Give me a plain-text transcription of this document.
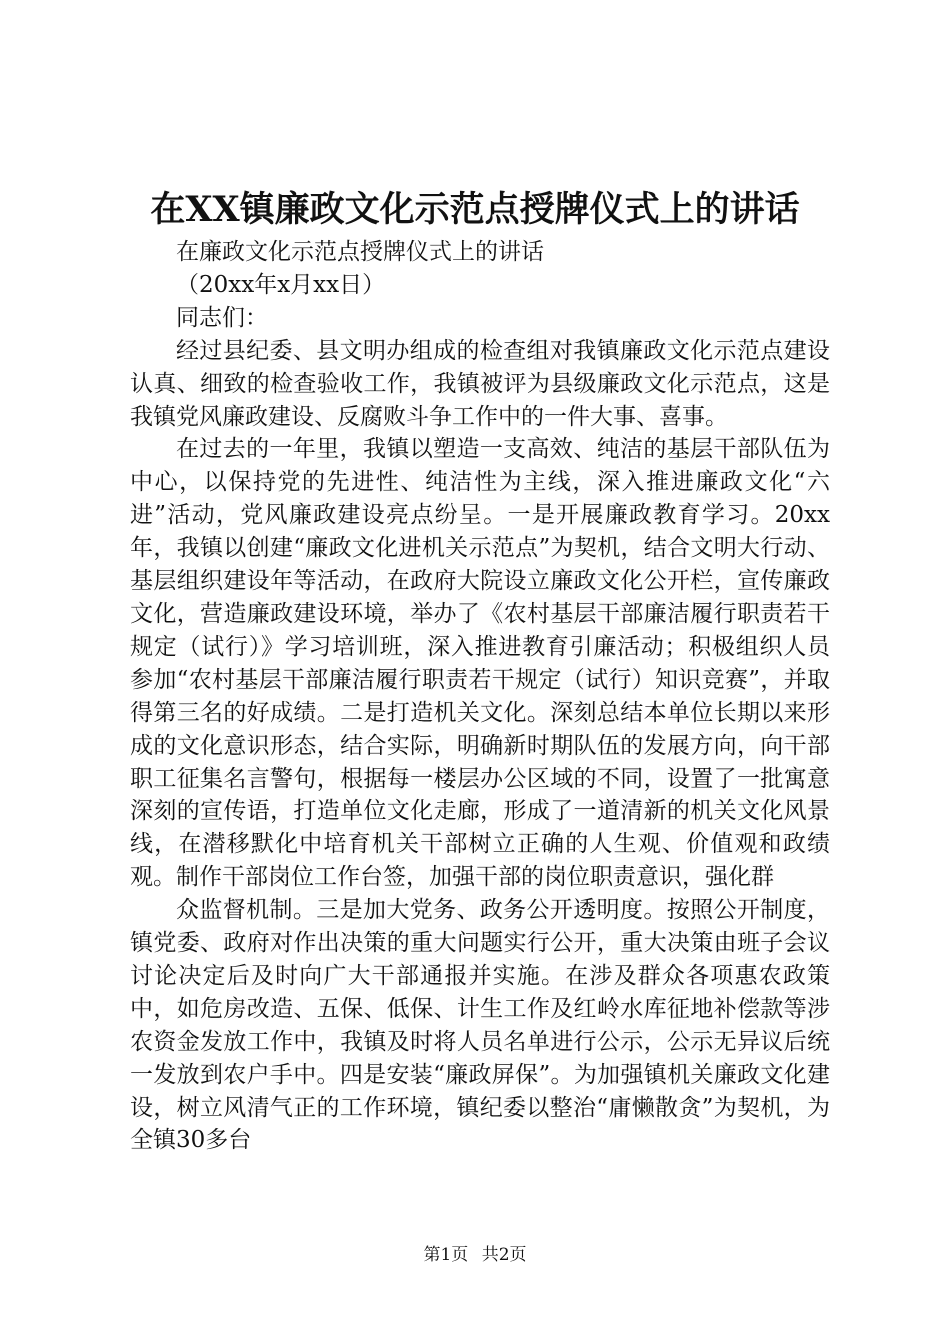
在XX镇廉政文化示范点授牌仪式上的讲话

在廉政文化示范点授牌仪式上的讲话

（20xx年x月xx日）

同志们：

经过县纪委、县文明办组成的检查组对我镇廉政文化示范点建设认真、细致的检查验收工作，我镇被评为县级廉政文化示范点，这是我镇党风廉政建设、反腐败斗争工作中的一件大事、喜事。

在过去的一年里，我镇以塑造一支高效、纯洁的基层干部队伍为中心，以保持党的先进性、纯洁性为主线，深入推进廉政文化“六进”活动，党风廉政建设亮点纷呈。一是开展廉政教育学习。20xx年，我镇以创建“廉政文化进机关示范点”为契机，结合文明大行动、基层组织建设年等活动，在政府大院设立廉政文化公开栏，宣传廉政文化，营造廉政建设环境，举办了《农村基层干部廉洁履行职责若干规定（试行）》学习培训班，深入推进教育引廉活动；积极组织人员参加“农村基层干部廉洁履行职责若干规定（试行）知识竞赛”，并取得第三名的好成绩。二是打造机关文化。深刻总结本单位长期以来形成的文化意识形态，结合实际，明确新时期队伍的发展方向，向干部职工征集名言警句，根据每一楼层办公区域的不同，设置了一批寓意深刻的宣传语，打造单位文化走廊，形成了一道清新的机关文化风景线，在潜移默化中培育机关干部树立正确的人生观、价值观和政绩观。制作干部岗位工作台签，加强干部的岗位职责意识，强化群

众监督机制。三是加大党务、政务公开透明度。按照公开制度，镇党委、政府对作出决策的重大问题实行公开，重大决策由班子会议讨论决定后及时向广大干部通报并实施。在涉及群众各项惠农政策中，如危房改造、五保、低保、计生工作及红岭水库征地补偿款等涉农资金发放工作中，我镇及时将人员名单进行公示，公示无异议后统一发放到农户手中。四是安装“廉政屏保”。为加强镇机关廉政文化建设，树立风清气正的工作环境，镇纪委以整治“庸懒散贪”为契机，为全镇30多台

第1页 共2页
